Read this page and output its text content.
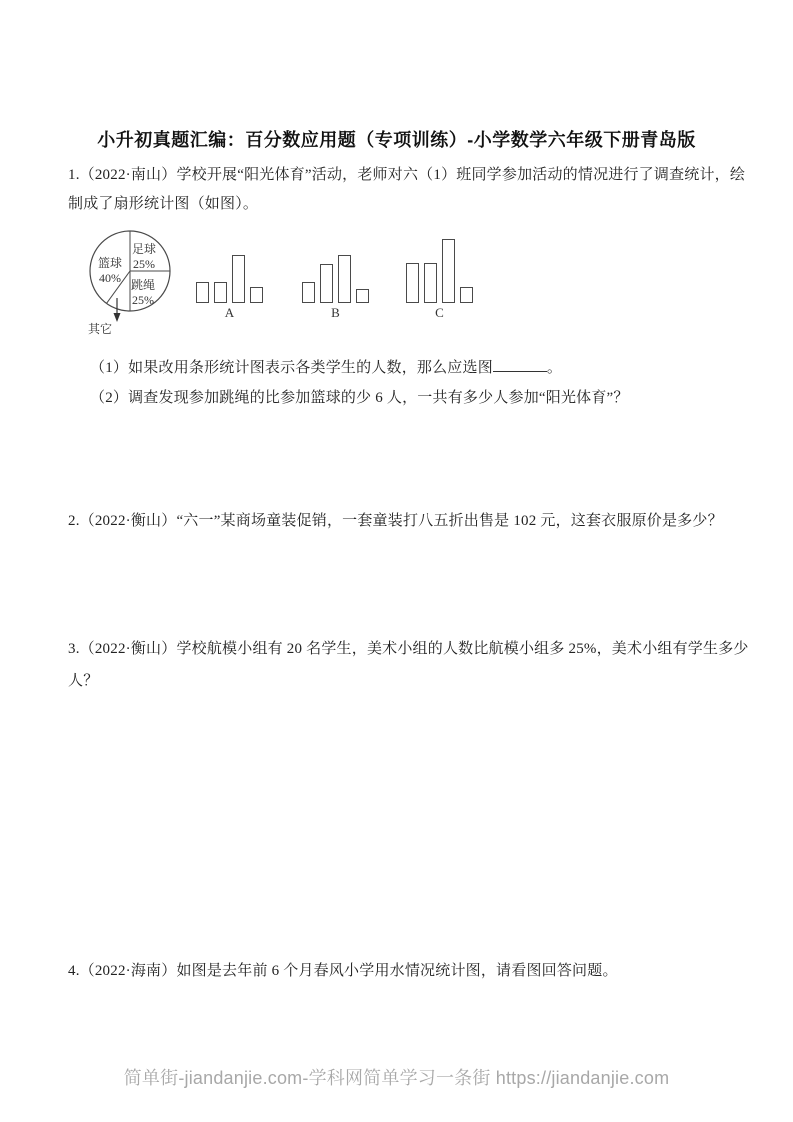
小升初真题汇编：百分数应用题（专项训练）-小学数学六年级下册青岛版
1.（2022·南山）学校开展“阳光体育”活动，老师对六（1）班同学参加活动的情况进行了调查统计，绘
制成了扇形统计图（如图）。
足球
25%
跳绳
25%
篮球
40%
其它
A	B	C
（1）如果改用条形统计图表示各类学生的人数，那么应选图	。
（2）调查发现参加跳绳的比参加篮球的少 6 人，一共有多少人参加“阳光体育”？
2.（2022·衡山）“六一”某商场童装促销，一套童装打八五折出售是 102 元，这套衣服原价是多少？
3.（2022·衡山）学校航模小组有 20 名学生，美术小组的人数比航模小组多 25%，美术小组有学生多少
人？
4.（2022·海南）如图是去年前 6 个月春风小学用水情况统计图，请看图回答问题。
简单街-jiandanjie.com-学科网简单学习一条街 https://jiandanjie.com
